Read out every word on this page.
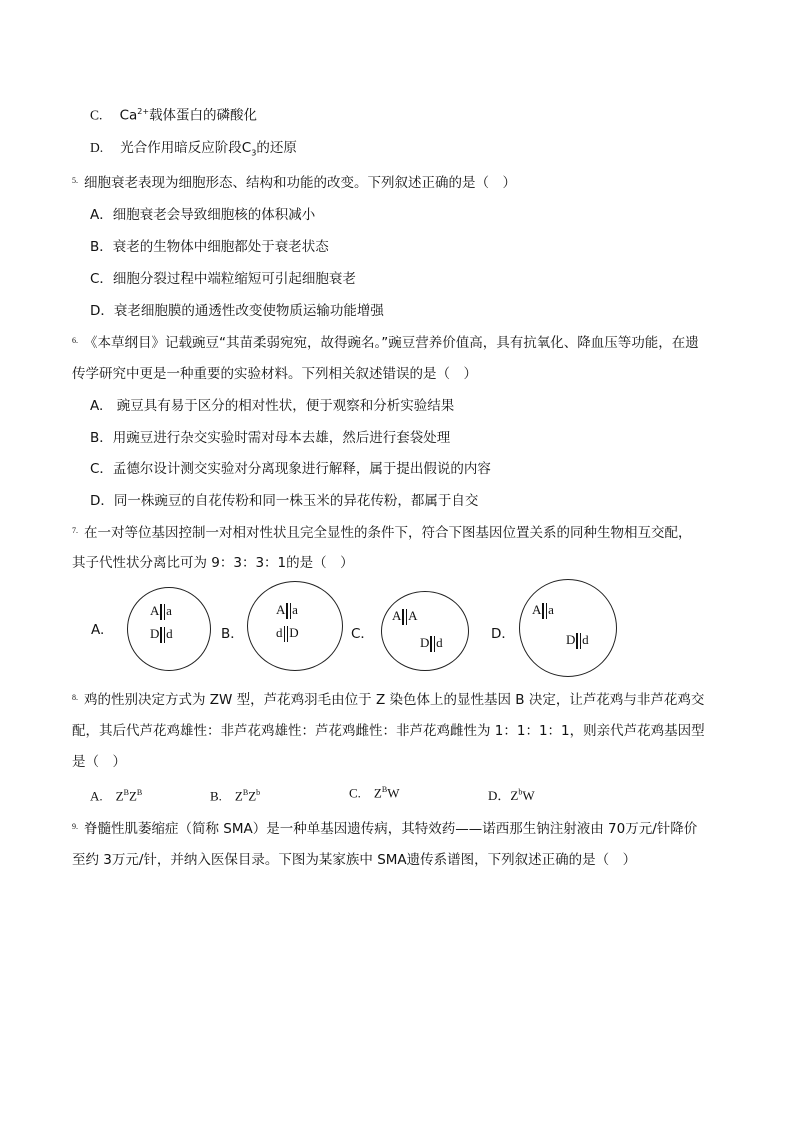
C. $Ca^{2+}$载体蛋白的磷酸化
D. 光合作用暗反应阶段$C_3$的还原
$^{5.}$ 细胞衰老表现为细胞形态、结构和功能的改变。下列叙述正确的是（　）
A．细胞衰老会导致细胞核的体积减小
B．衰老的生物体中细胞都处于衰老状态
C．细胞分裂过程中端粒缩短可引起细胞衰老
D．衰老细胞膜的通透性改变使物质运输功能增强
$^{6.}$ 《本草纲目》记载豌豆“其苗柔弱宛宛，故得豌名。”豌豆营养价值高，具有抗氧化、降血压等功能，在遗
传学研究中更是一种重要的实验材料。下列相关叙述错误的是（　）
A.　豌豆具有易于区分的相对性状，便于观察和分析实验结果
B．用豌豆进行杂交实验时需对母本去雄，然后进行套袋处理
C．孟德尔设计测交实验对分离现象进行解释，属于提出假说的内容
D．同一株豌豆的自花传粉和同一株玉米的异花传粉，都属于自交
$^{7.}$ 在一对等位基因控制一对相对性状且完全显性的条件下，符合下图基因位置关系的同种生物相互交配，
其子代性状分离比可为 9：3：3：1的是（　）
A.
A a
D d	B．
A a
d D	C．
A A
D d
D．
A a
D d
$^{8.}$ 鸡的性别决定方式为 ZW 型，芦花鸡羽毛由位于 Z 染色体上的显性基因 B 决定，让芦花鸡与非芦花鸡交
配，其后代芦花鸡雄性：非芦花鸡雄性：芦花鸡雌性：非芦花鸡雌性为 1：1：1：1，则亲代芦花鸡基因型
是（　）
A. $Z^BZ^B$	B. $Z^BZ^b$	C. $Z^BW$	D．$Z^bW$
$^{9.}$ 脊髓性肌萎缩症（简称 SMA）是一种单基因遗传病，其特效药——诺西那生钠注射液由 70万元/针降价
至约 3万元/针，并纳入医保目录。下图为某家族中 SMA遗传系谱图，下列叙述正确的是（　）
